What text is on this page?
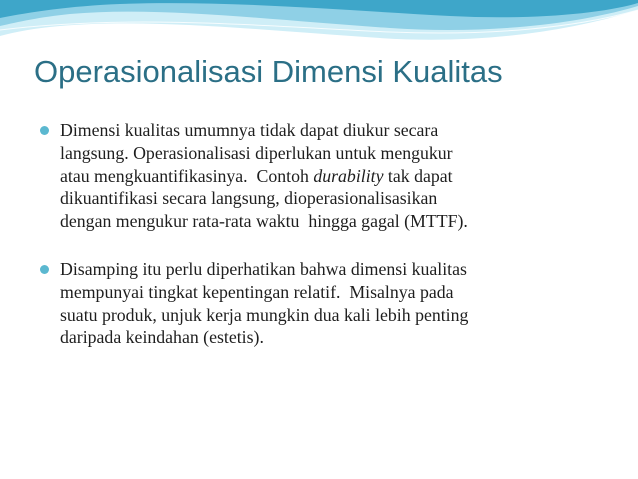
Operasionalisasi Dimensi Kualitas
Dimensi kualitas umumnya tidak dapat diukur secara
langsung. Operasionalisasi diperlukan untuk mengukur
atau mengkuantifikasinya.  Contoh durability tak dapat
dikuantifikasi secara langsung, dioperasionalisasikan
dengan mengukur rata-rata waktu  hingga gagal (MTTF).
Disamping itu perlu diperhatikan bahwa dimensi kualitas
mempunyai tingkat kepentingan relatif.  Misalnya pada
suatu produk, unjuk kerja mungkin dua kali lebih penting
daripada keindahan (estetis).
